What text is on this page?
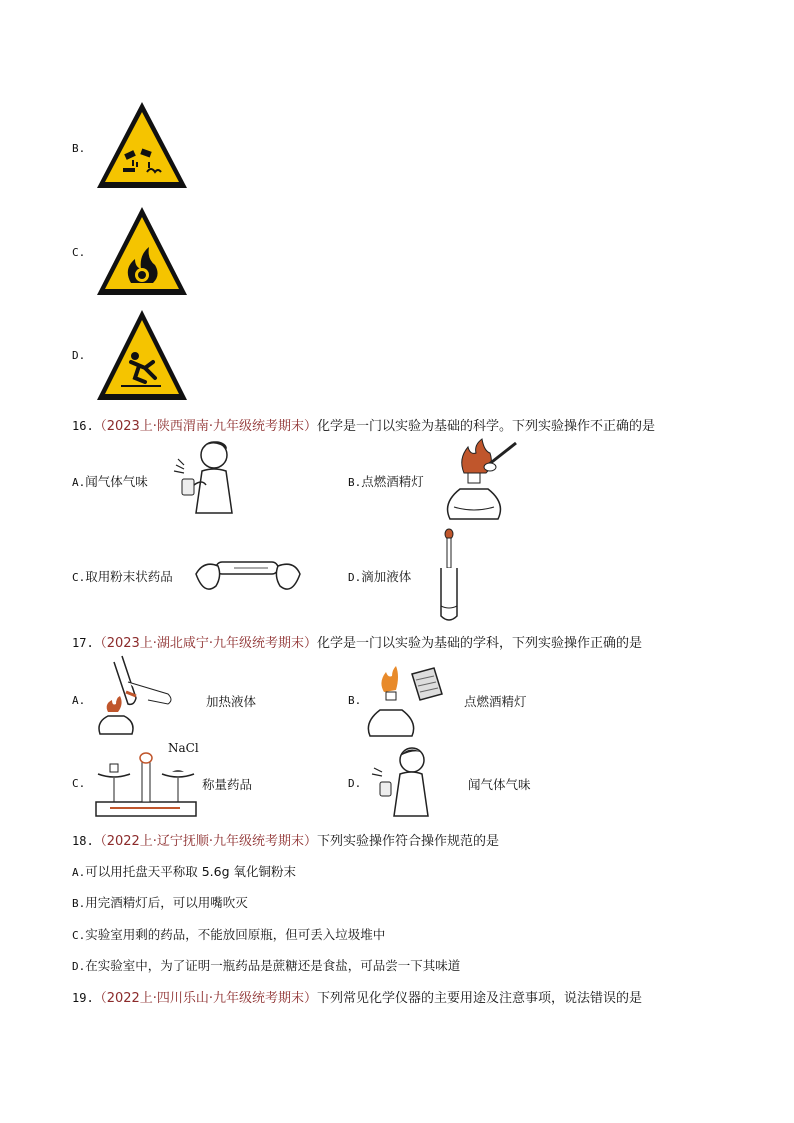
B.
C.
D.
16.（2023上·陕西渭南·九年级统考期末）化学是一门以实验为基础的科学。下列实验操作不正确的是
A.闻气体气味	B.点燃酒精灯
C.取用粉末状药品	D.滴加液体
17.（2023上·湖北咸宁·九年级统考期末）化学是一门以实验为基础的学科，下列实验操作正确的是
A.	加热液体	B.	点燃酒精灯
C.
NaCl
称量药品	D.	闻气体气味
18.（2022上·辽宁抚顺·九年级统考期末）下列实验操作符合操作规范的是
A.可以用托盘天平称取 5.6g 氧化铜粉末
B.用完酒精灯后，可以用嘴吹灭
C.实验室用剩的药品，不能放回原瓶，但可丢入垃圾堆中
D.在实验室中，为了证明一瓶药品是蔗糖还是食盐，可品尝一下其味道
19.（2022上·四川乐山·九年级统考期末）下列常见化学仪器的主要用途及注意事项，说法错误的是
